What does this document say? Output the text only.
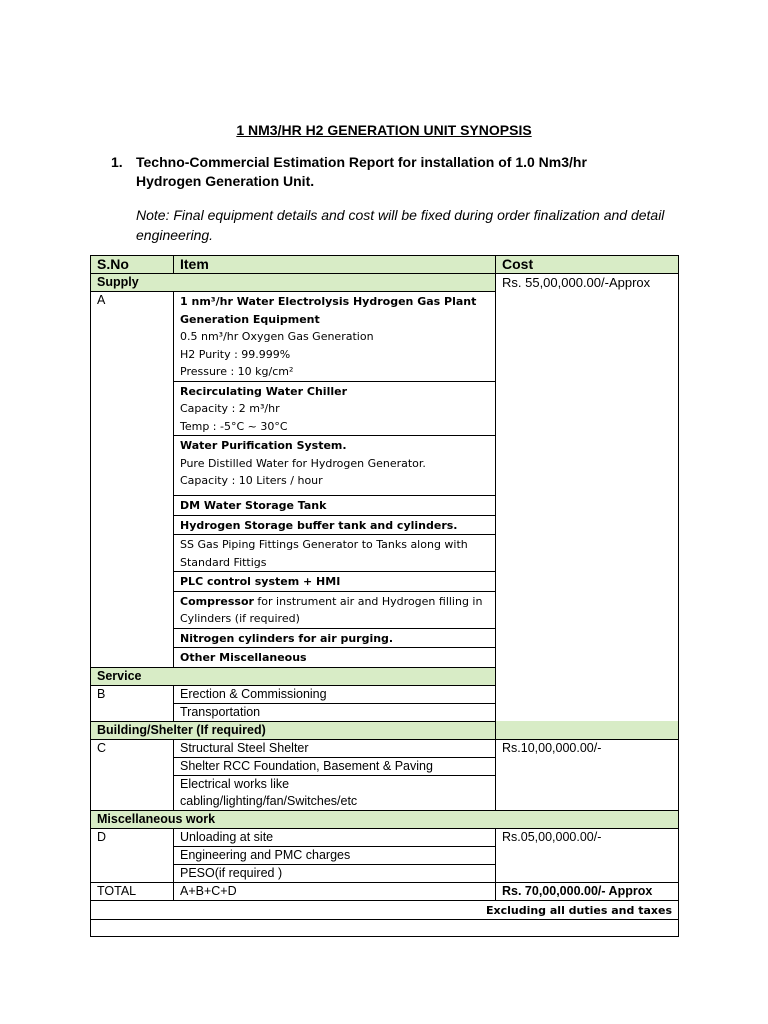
1 NM3/HR H2 GENERATION UNIT SYNOPSIS
1. Techno-Commercial Estimation Report for installation of 1.0 Nm3/hr Hydrogen Generation Unit.
Note: Final equipment details and cost will be fixed during order finalization and detail engineering.
S.No	Item	Cost
Supply		Rs. 55,00,000.00/-Approx
A	1 nm³/hr Water Electrolysis Hydrogen Gas Plant
Generation Equipment
0.5 nm³/hr Oxygen Gas Generation
H2 Purity : 99.999%
Pressure : 10 kg/cm²	
	Recirculating Water Chiller
Capacity : 2 m³/hr
Temp : -5°C ~ 30°C	
	Water Purification System.
Pure Distilled Water for Hydrogen Generator.
Capacity : 10 Liters / hour	
	DM Water Storage Tank	
	Hydrogen Storage buffer tank and cylinders.	
	SS Gas Piping Fittings Generator to Tanks along with
Standard Fittigs	
	PLC control system + HMI	
	Compressor for instrument air and Hydrogen filling in
Cylinders (if required)	
	Nitrogen cylinders for air purging.	
	Other Miscellaneous	
Service		
B	Erection & Commissioning	
	Transportation	
Building/Shelter (If required)		
C	Structural Steel Shelter	Rs.10,00,000.00/-
	Shelter RCC Foundation, Basement & Paving	
	Electrical works like
cabling/lighting/fan/Switches/etc	
Miscellaneous work		
D	Unloading at site	Rs.05,00,000.00/-
	Engineering and PMC charges	
	PESO(if required )	
TOTAL	A+B+C+D	Rs. 70,00,000.00/- Approx
Excluding all duties and taxes		
